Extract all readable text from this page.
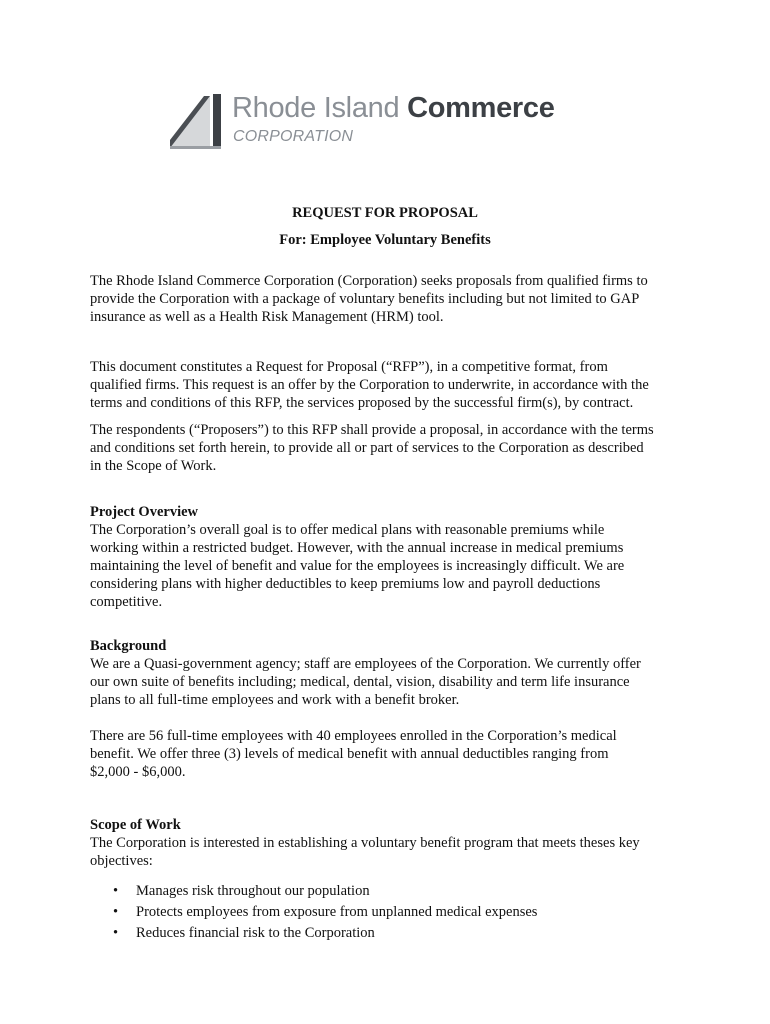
Rhode Island Commerce
CORPORATION
REQUEST FOR PROPOSAL
For: Employee Voluntary Benefits

The Rhode Island Commerce Corporation (Corporation) seeks proposals from qualified firms to
provide the Corporation with a package of voluntary benefits including but not limited to GAP
insurance as well as a Health Risk Management (HRM) tool.

This document constitutes a Request for Proposal (“RFP”), in a competitive format, from
qualified firms. This request is an offer by the Corporation to underwrite, in accordance with the
terms and conditions of this RFP, the services proposed by the successful firm(s), by contract.

The respondents (“Proposers”) to this RFP shall provide a proposal, in accordance with the terms
and conditions set forth herein, to provide all or part of services to the Corporation as described
in the Scope of Work.

Project Overview

The Corporation’s overall goal is to offer medical plans with reasonable premiums while
working within a restricted budget. However, with the annual increase in medical premiums
maintaining the level of benefit and value for the employees is increasingly difficult. We are
considering plans with higher deductibles to keep premiums low and payroll deductions
competitive.

Background

We are a Quasi-government agency; staff are employees of the Corporation. We currently offer
our own suite of benefits including; medical, dental, vision, disability and term life insurance
plans to all full-time employees and work with a benefit broker.

There are 56 full-time employees with 40 employees enrolled in the Corporation’s medical
benefit. We offer three (3) levels of medical benefit with annual deductibles ranging from
$2,000 - $6,000.

Scope of Work

The Corporation is interested in establishing a voluntary benefit program that meets theses key
objectives:

• Manages risk throughout our population
• Protects employees from exposure from unplanned medical expenses
• Reduces financial risk to the Corporation
